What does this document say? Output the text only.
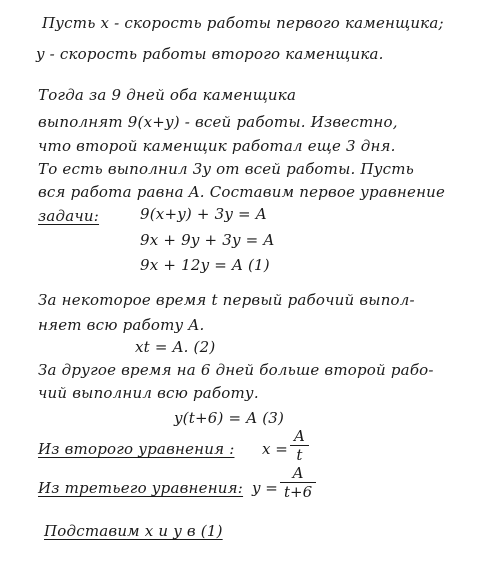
Пусть x - скорость работы первого каменщика;
y - скорость работы второго каменщика.
Тогда за 9 дней оба каменщика
выполнят 9(x+y) - всей работы. Известно,
что второй каменщик работал еще 3 дня.
То есть выполнил 3y от всей работы. Пусть
вся работа равна A. Составим первое уравнение
задачи:	9(x+y) + 3y = A
9x + 9y + 3y = A
9x + 12y = A (1)
За некоторое время t первый рабочий выпол-
няет всю работу A.
xt = A. (2)
За другое время на 6 дней больше второй рабо-
чий выполнил всю работу.
y(t+6) = A (3)
Из второго уравнения : x =
A
t
Из третьего уравнения: y =
A
t+6
Подставим x и y в (1)
